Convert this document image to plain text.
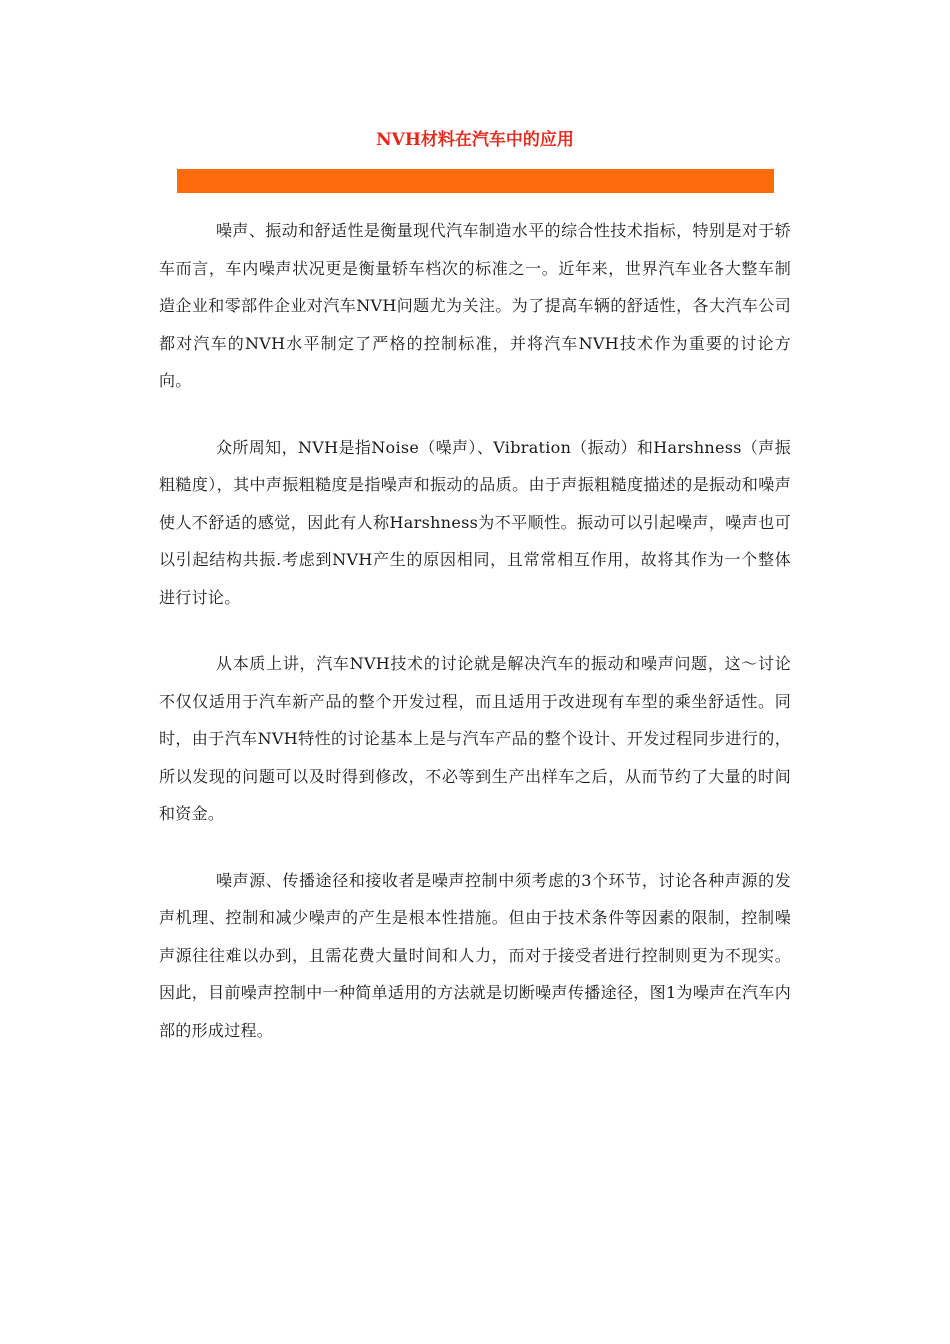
NVH材料在汽车中的应用

噪声、振动和舒适性是衡量现代汽车制造水平的综合性技术指标，特别是对于轿车而言，车内噪声状况更是衡量轿车档次的标准之一。近年来，世界汽车业各大整车制造企业和零部件企业对汽车NVH问题尤为关注。为了提高车辆的舒适性，各大汽车公司都对汽车的NVH水平制定了严格的控制标准，并将汽车NVH技术作为重要的讨论方向。

众所周知，NVH是指Noise（噪声）、Vibration（振动）和Harshness（声振粗糙度），其中声振粗糙度是指噪声和振动的品质。由于声振粗糙度描述的是振动和噪声使人不舒适的感觉，因此有人称Harshness为不平顺性。振动可以引起噪声，噪声也可以引起结构共振.考虑到NVH产生的原因相同，且常常相互作用，故将其作为一个整体进行讨论。

从本质上讲，汽车NVH技术的讨论就是解决汽车的振动和噪声问题，这～讨论不仅仅适用于汽车新产品的整个开发过程，而且适用于改进现有车型的乘坐舒适性。同时，由于汽车NVH特性的讨论基本上是与汽车产品的整个设计、开发过程同步进行的，所以发现的问题可以及时得到修改，不必等到生产出样车之后，从而节约了大量的时间和资金。

噪声源、传播途径和接收者是噪声控制中须考虑的3个环节，讨论各种声源的发声机理、控制和减少噪声的产生是根本性措施。但由于技术条件等因素的限制，控制噪声源往往难以办到，且需花费大量时间和人力，而对于接受者进行控制则更为不现实。因此，目前噪声控制中一种简单适用的方法就是切断噪声传播途径，图1为噪声在汽车内部的形成过程。
